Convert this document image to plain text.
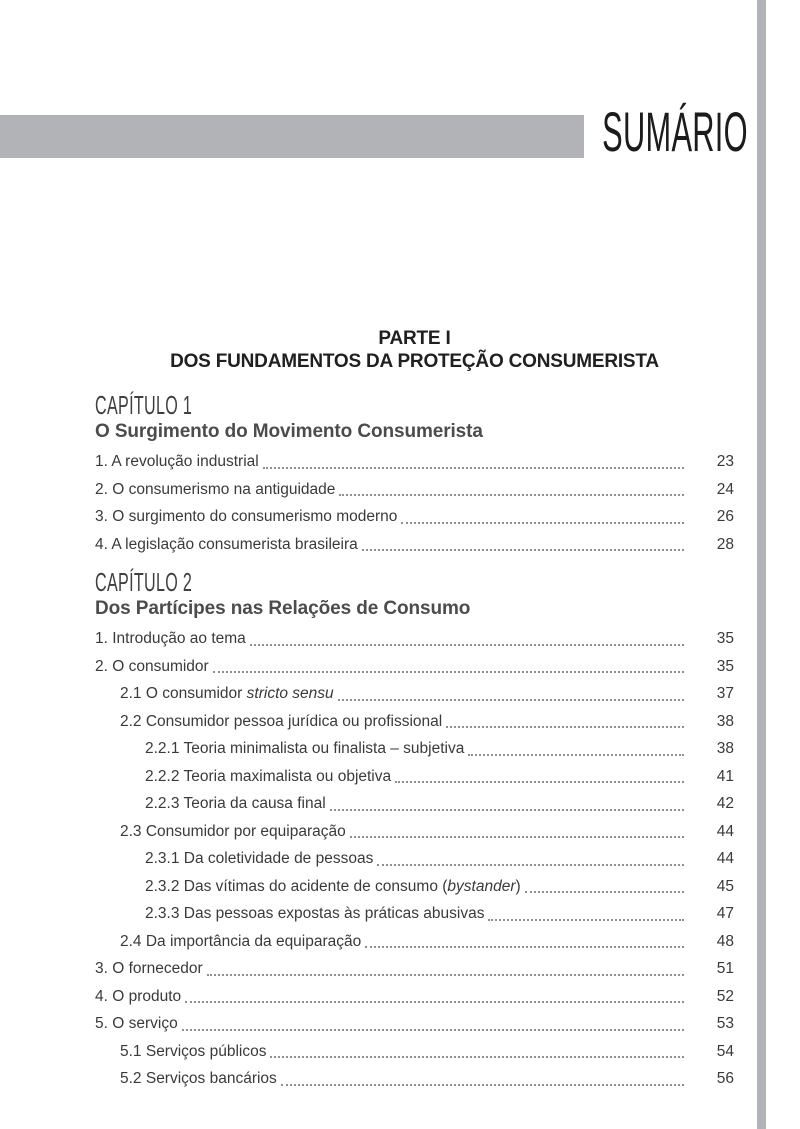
SUMÁRIO
PARTE I
DOS FUNDAMENTOS DA PROTEÇÃO CONSUMERISTA
CAPÍTULO 1
O Surgimento do Movimento Consumerista
1. A revolução industrial	23
2. O consumerismo na antiguidade	24
3. O surgimento do consumerismo moderno	26
4. A legislação consumerista brasileira	28
CAPÍTULO 2
Dos Partícipes nas Relações de Consumo
1. Introdução ao tema	35
2. O consumidor	35
2.1 O consumidor stricto sensu	37
2.2 Consumidor pessoa jurídica ou profissional	38
2.2.1 Teoria minimalista ou finalista – subjetiva	38
2.2.2 Teoria maximalista ou objetiva	41
2.2.3 Teoria da causa final	42
2.3 Consumidor por equiparação	44
2.3.1 Da coletividade de pessoas	44
2.3.2 Das vítimas do acidente de consumo (bystander)	45
2.3.3 Das pessoas expostas às práticas abusivas	47
2.4 Da importância da equiparação	48
3. O fornecedor	51
4. O produto	52
5. O serviço	53
5.1 Serviços públicos	54
5.2 Serviços bancários	56
